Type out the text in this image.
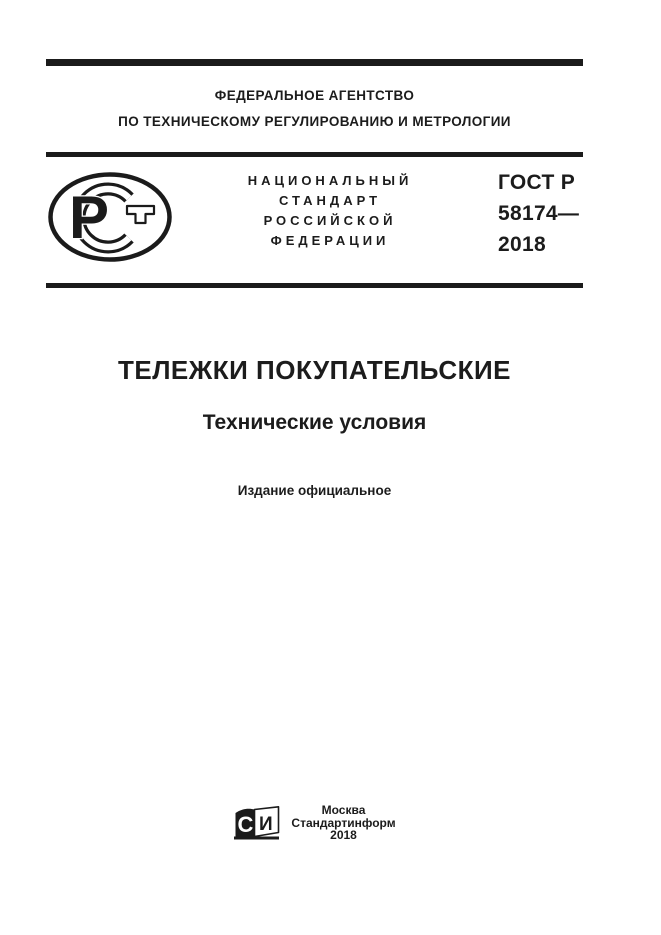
ФЕДЕРАЛЬНОЕ АГЕНТСТВО
ПО ТЕХНИЧЕСКОМУ РЕГУЛИРОВАНИЮ И МЕТРОЛОГИИ
Р
НАЦИОНАЛЬНЫЙ
СТАНДАРТ
РОССИЙСКОЙ
ФЕДЕРАЦИИ
ГОСТ Р
58174—
2018
ТЕЛЕЖКИ ПОКУПАТЕЛЬСКИЕ
Технические условия
Издание официальное
С И
Москва
Стандартинформ
2018
